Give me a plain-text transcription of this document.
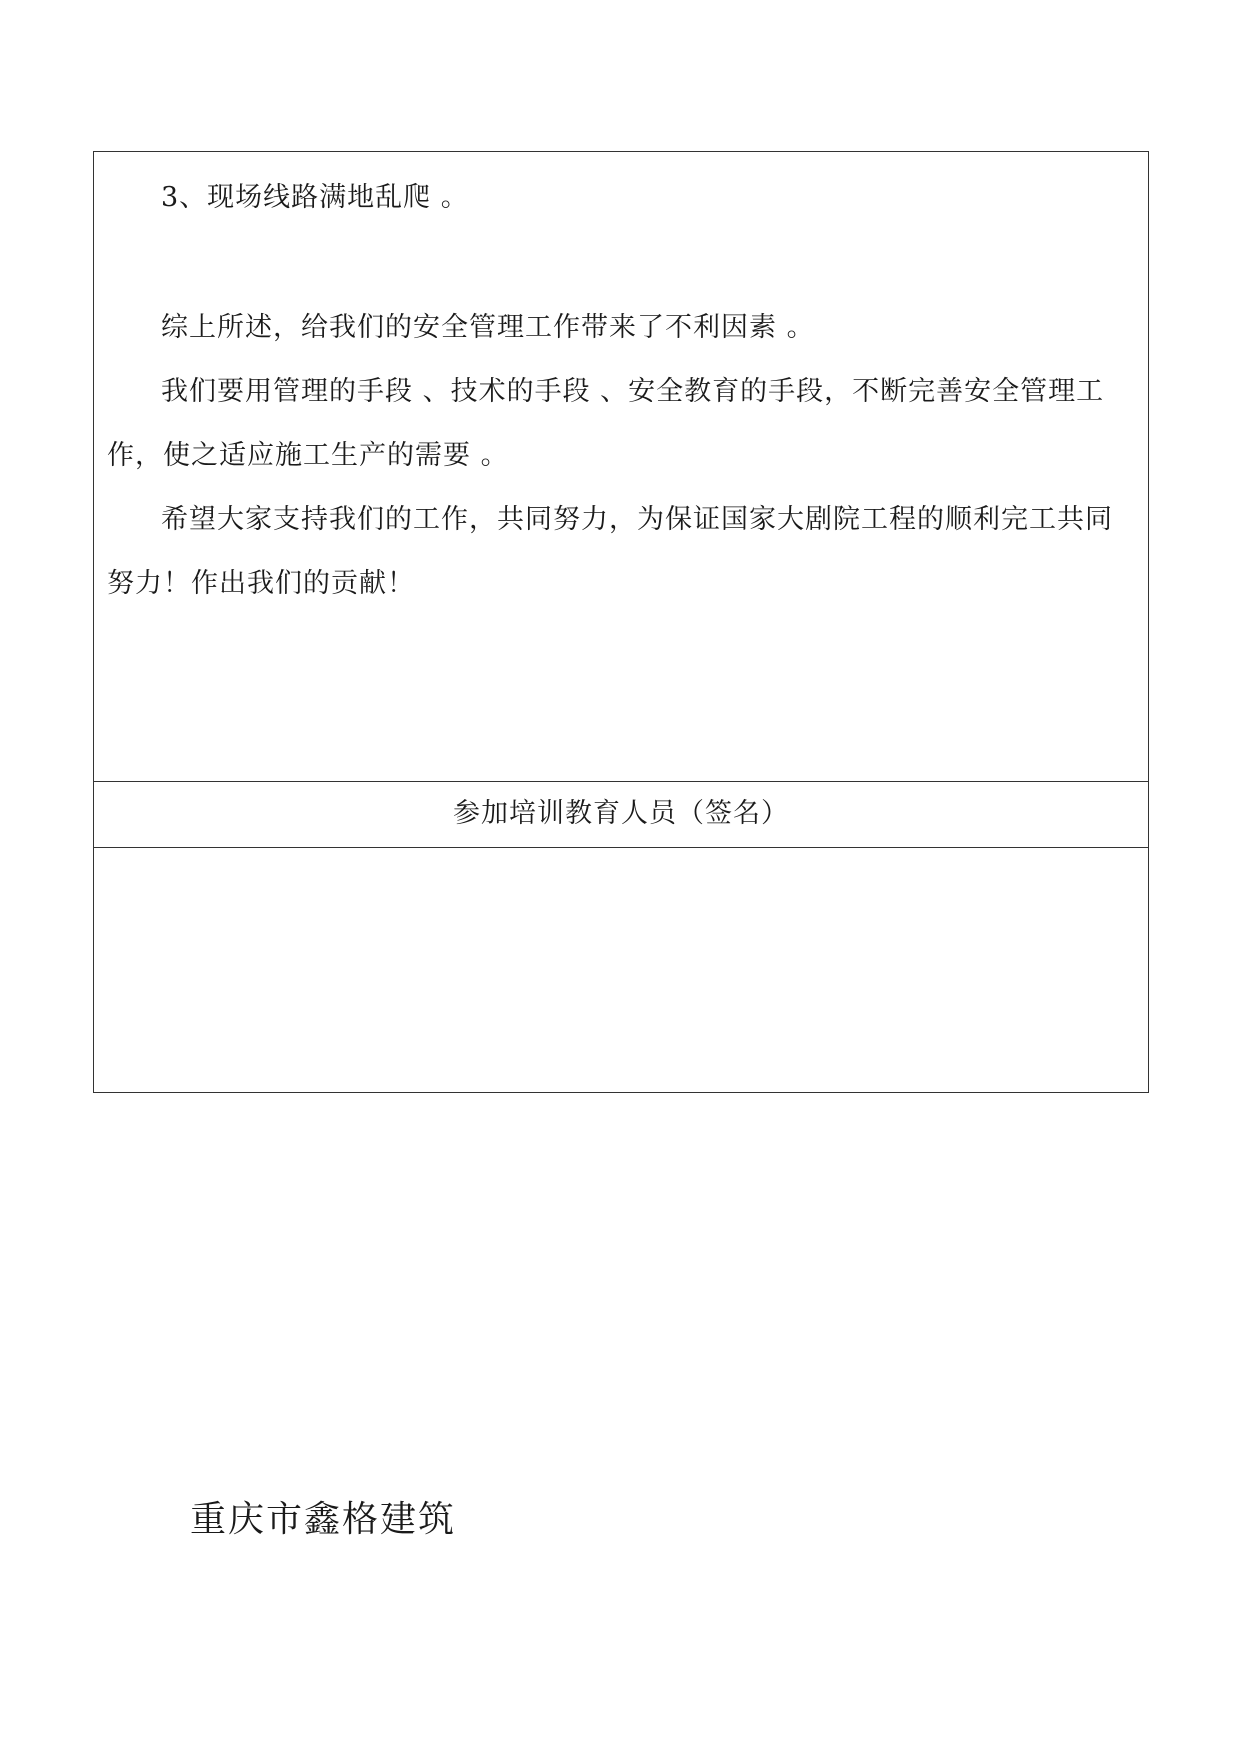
3、现场线路满地乱爬 。

综上所述，给我们的安全管理工作带来了不利因素 。

我们要用管理的手段 、技术的手段 、安全教育的手段，不断完善安全管理工作，使之适应施工生产的需要 。

希望大家支持我们的工作，共同努力，为保证国家大剧院工程的顺利完工共同努力！作出我们的贡献！

参加培训教育人员（签名）
重庆市鑫格建筑
